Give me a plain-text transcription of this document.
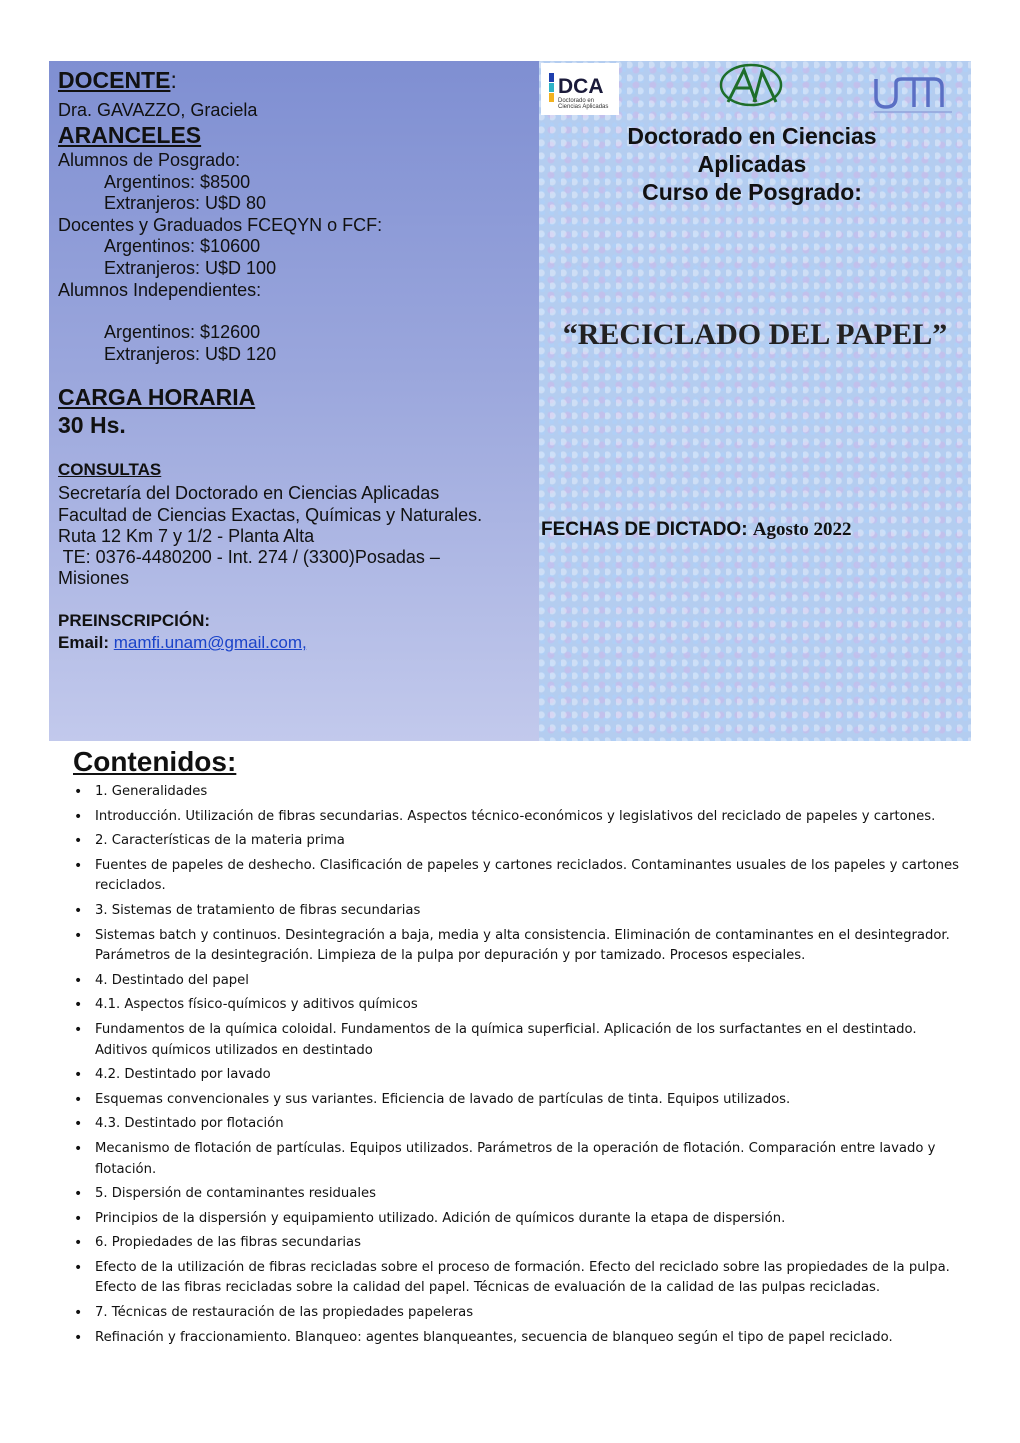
DOCENTE:
Dra. GAVAZZO, Graciela
ARANCELES
Alumnos de Posgrado:
Argentinos: $8500
Extranjeros: U$D 80
Docentes y Graduados FCEQYN o FCF:
Argentinos: $10600
Extranjeros: U$D 100
Alumnos Independientes:
Argentinos: $12600
Extranjeros: U$D 120
CARGA HORARIA
30 Hs.
CONSULTAS
Secretaría del Doctorado en Ciencias Aplicadas
Facultad de Ciencias Exactas, Químicas y Naturales.
Ruta 12 Km 7 y 1/2 - Planta Alta
TE: 0376-4480200 - Int. 274 / (3300)Posadas –
Misiones
PREINSCRIPCIÓN:
Email: mamfi.unam@gmail.com,
DCA
Doctorado en Ciencias Aplicadas
Doctorado en Ciencias
Aplicadas
Curso de Posgrado:
“RECICLADO DEL PAPEL”
FECHAS DE DICTADO: Agosto 2022
Contenidos:
• 1. Generalidades
• Introducción. Utilización de fibras secundarias. Aspectos técnico-económicos y legislativos del reciclado de papeles y cartones.
• 2. Características de la materia prima
• Fuentes de papeles de deshecho. Clasificación de papeles y cartones reciclados. Contaminantes usuales de los papeles y cartones reciclados.
• 3. Sistemas de tratamiento de fibras secundarias
• Sistemas batch y continuos. Desintegración a baja, media y alta consistencia. Eliminación de contaminantes en el desintegrador. Parámetros de la desintegración. Limpieza de la pulpa por depuración y por tamizado. Procesos especiales.
• 4. Destintado del papel
• 4.1. Aspectos físico-químicos y aditivos químicos
• Fundamentos de la química coloidal. Fundamentos de la química superficial. Aplicación de los surfactantes en el destintado. Aditivos químicos utilizados en destintado
• 4.2. Destintado por lavado
• Esquemas convencionales y sus variantes. Eficiencia de lavado de partículas de tinta. Equipos utilizados.
• 4.3. Destintado por flotación
• Mecanismo de flotación de partículas. Equipos utilizados. Parámetros de la operación de flotación. Comparación entre lavado y flotación.
• 5. Dispersión de contaminantes residuales
• Principios de la dispersión y equipamiento utilizado. Adición de químicos durante la etapa de dispersión.
• 6. Propiedades de las fibras secundarias
• Efecto de la utilización de fibras recicladas sobre el proceso de formación. Efecto del reciclado sobre las propiedades de la pulpa. Efecto de las fibras recicladas sobre la calidad del papel. Técnicas de evaluación de la calidad de las pulpas recicladas.
• 7. Técnicas de restauración de las propiedades papeleras
• Refinación y fraccionamiento. Blanqueo: agentes blanqueantes, secuencia de blanqueo según el tipo de papel reciclado.
